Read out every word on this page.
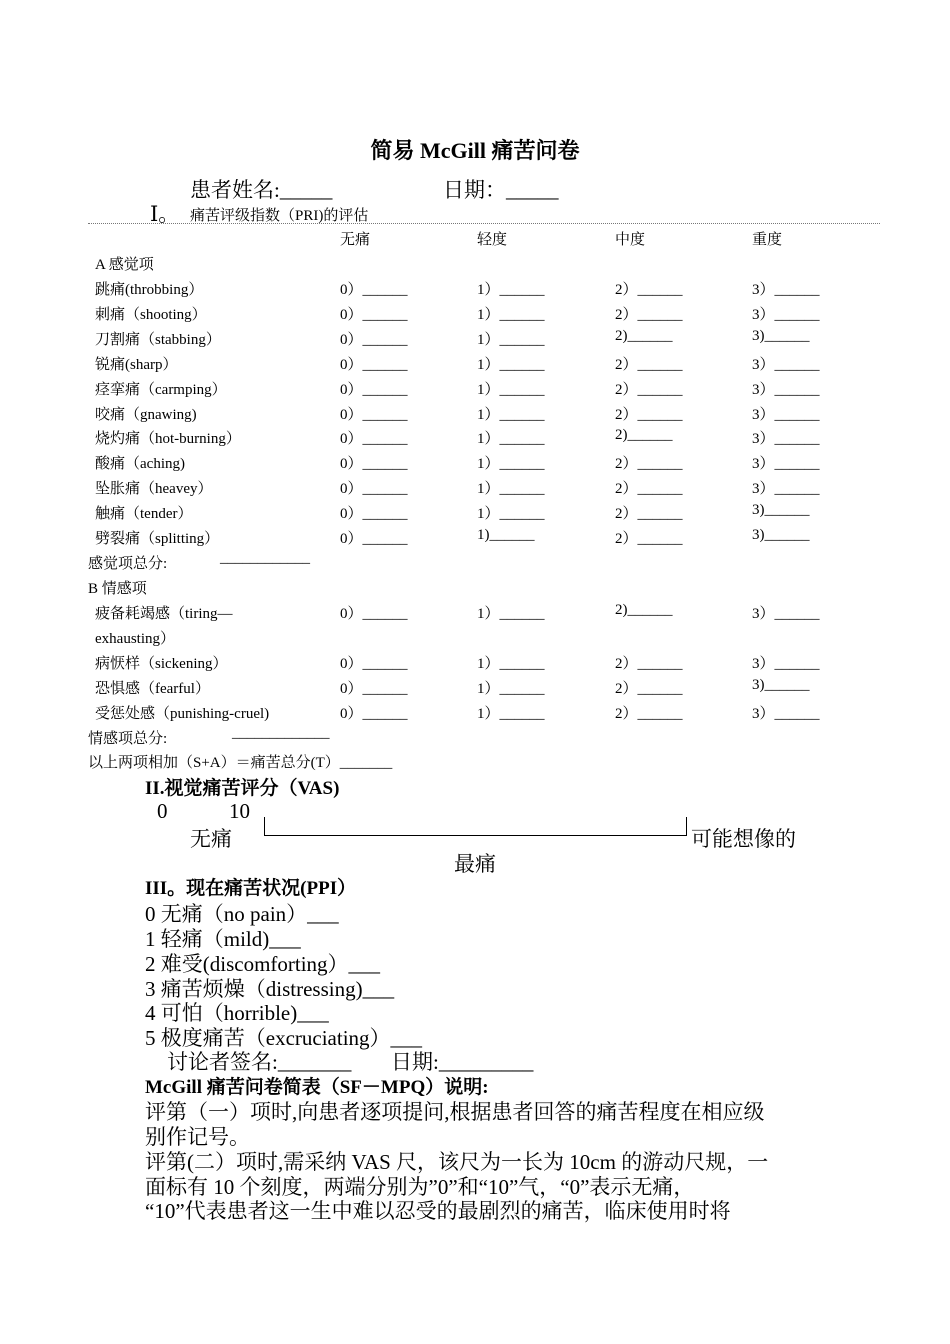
简易 McGill 痛苦问卷
患者姓名:_____	日期：_____
Ⅰ。 痛苦评级指数（PRI)的评估
无痛	轻度	中度	重度
A 感觉项
跳痛(throbbing）	0）______	1）______	2）______	3）______
刺痛（shooting）	0）______	1）______	2）______	3）______
刀割痛（stabbing）	0）______	1）______	2)______	3)______
锐痛(sharp）	0）______	1）______	2）______	3）______
痉挛痛（carmping）	0）______	1）______	2）______	3）______
咬痛（gnawing)	0）______	1）______	2）______	3）______
烧灼痛（hot-burning）	0）______	1）______	2)______	3）______
酸痛（aching)	0）______	1）______	2）______	3）______
坠胀痛（heavey）	0）______	1）______	2）______	3）______
触痛（tender）	0）______	1）______	2）______	3)______
劈裂痛（splitting）	0）______	1)______	2）______	3)______
感觉项总分:	____________
B 情感项
疲备耗竭感（tiring—	0）______	1）______	2)______	3）______
exhausting）
病恹样（sickening）	0）______	1）______	2）______	3）______
恐惧感（fearful）	0）______	1）______	2）______	3)______
受惩处感（punishing-cruel)	0）______	1）______	2）______	3）______
情感项总分:	_____________
以上两项相加（S+A）＝痛苦总分(T）_______
II.视觉痛苦评分（VAS)
0	10
无痛	可能想像的
最痛
III。现在痛苦状况(PPI）
0 无痛（no pain）___
1 轻痛（mild)___
2 难受(discomforting）___
3 痛苦烦燥（distressing)___
4 可怕（horrible)___
5 极度痛苦（excruciating）___
讨论者签名:_______ 日期:_________
McGill 痛苦问卷简表（SF－MPQ）说明:
评第（一）项时,向患者逐项提问,根据患者回答的痛苦程度在相应级
别作记号。
评第(二）项时,需采纳 VAS 尺，该尺为一长为 10cm 的游动尺规，一
面标有 10 个刻度，两端分别为”0”和“10”气，“0”表示无痛，
“10”代表患者这一生中难以忍受的最剧烈的痛苦，临床使用时将
